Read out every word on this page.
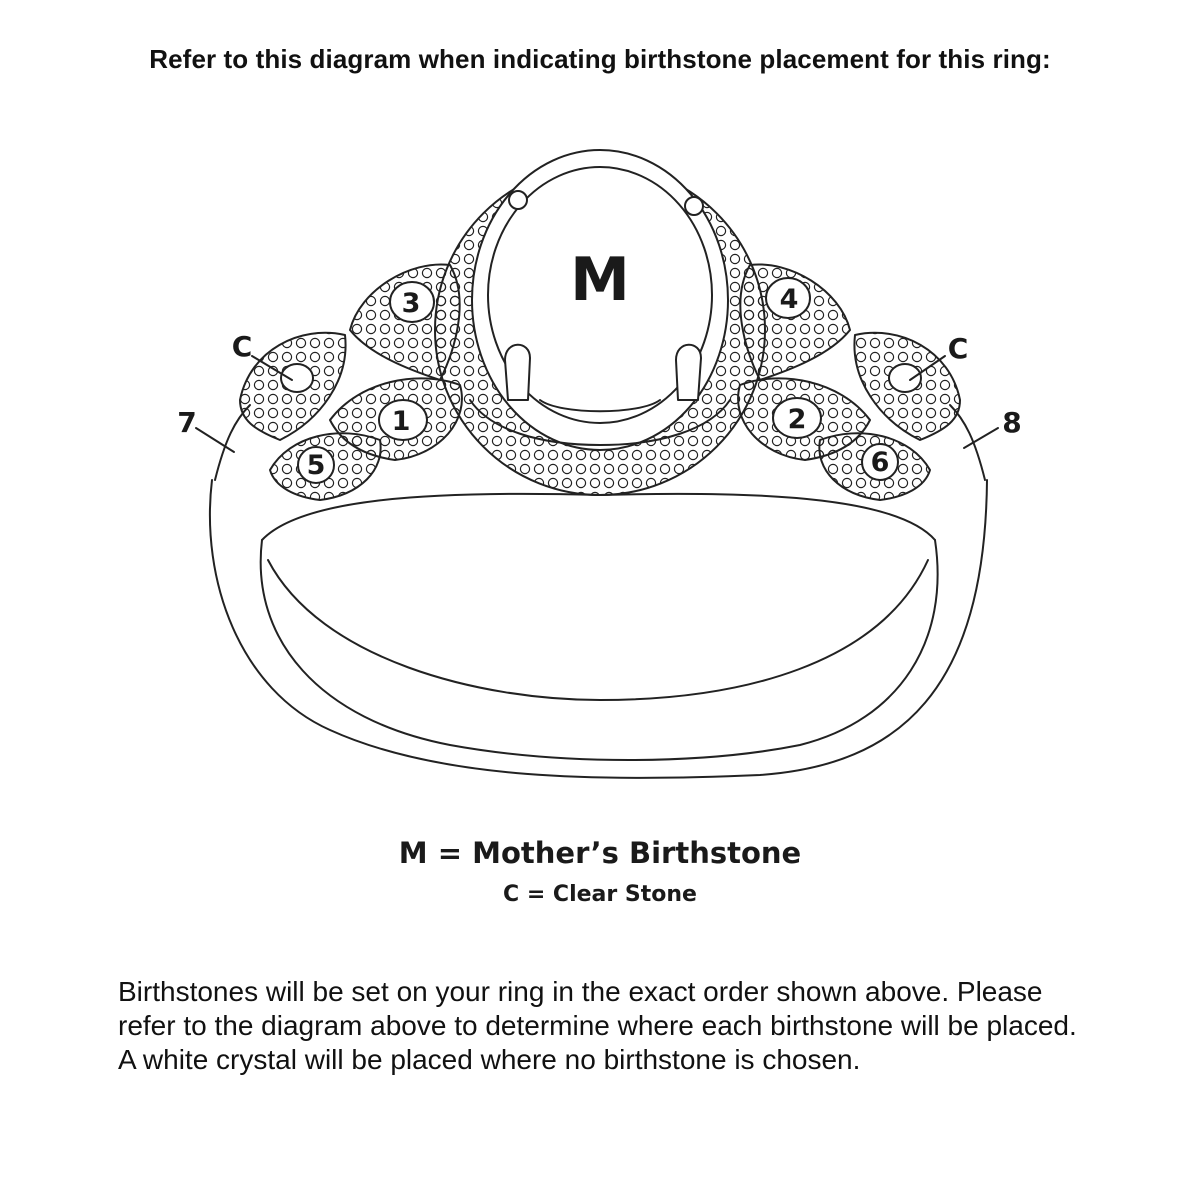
Refer to this diagram when indicating birthstone placement for this ring:
M
1	2
3	4
5	6
C	C
7	8
M = Mother’s Birthstone
C = Clear Stone
Birthstones will be set on your ring in the exact order shown above. Please refer to the diagram above to determine where each birthstone will be placed. A white crystal will be placed where no birthstone is chosen.
